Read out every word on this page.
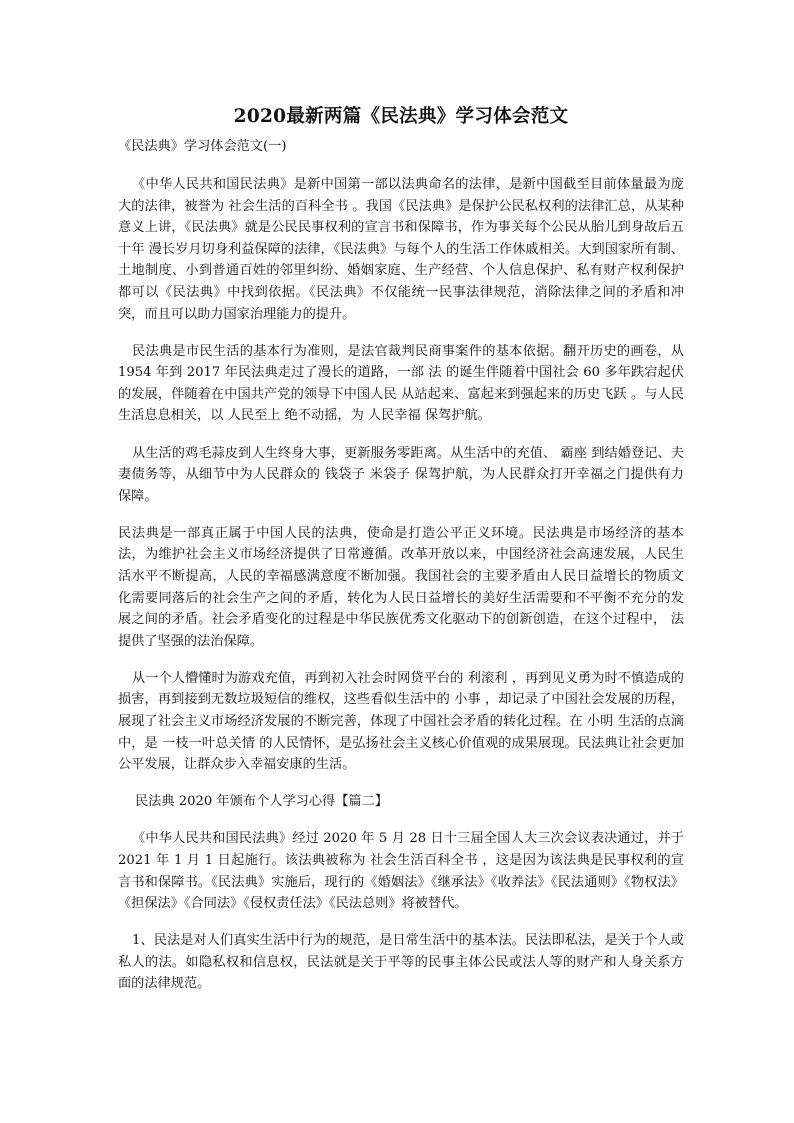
2020最新两篇《民法典》学习体会范文
《民法典》学习体会范文(一)

《中华人民共和国民法典》是新中国第一部以法典命名的法律，是新中国截至目前体量最为庞大的法律，被誉为 社会生活的百科全书 。我国《民法典》是保护公民私权利的法律汇总，从某种意义上讲，《民法典》就是公民民事权利的宣言书和保障书，作为事关每个公民从胎儿到身故后五十年 漫长岁月切身利益保障的法律，《民法典》与每个人的生活工作休戚相关。大到国家所有制、土地制度、小到普通百姓的邻里纠纷、婚姻家庭、生产经营、个人信息保护、私有财产权利保护都可以《民法典》中找到依据。《民法典》不仅能统一民事法律规范，消除法律之间的矛盾和冲突，而且可以助力国家治理能力的提升。

民法典是市民生活的基本行为准则，是法官裁判民商事案件的基本依据。翻开历史的画卷，从 1954 年到 2017 年民法典走过了漫长的道路，一部 法 的诞生伴随着中国社会 60 多年跌宕起伏的发展，伴随着在中国共产党的领导下中国人民 从站起来、富起来到强起来的历史飞跃 。与人民生活息息相关，以 人民至上 绝不动摇，为 人民幸福 保驾护航。

从生活的鸡毛蒜皮到人生终身大事，更新服务零距离。从生活中的充值、 霸座 到结婚登记、夫妻债务等，从细节中为人民群众的 钱袋子 米袋子 保驾护航，为人民群众打开幸福之门提供有力保障。

民法典是一部真正属于中国人民的法典，使命是打造公平正义环境。民法典是市场经济的基本法，为维护社会主义市场经济提供了日常遵循。改革开放以来，中国经济社会高速发展，人民生活水平不断提高，人民的幸福感满意度不断加强。我国社会的主要矛盾由人民日益增长的物质文化需要同落后的社会生产之间的矛盾，转化为人民日益增长的美好生活需要和不平衡不充分的发展之间的矛盾。社会矛盾变化的过程是中华民族优秀文化驱动下的创新创造，在这个过程中， 法 提供了坚强的法治保障。

从一个人懵懂时为游戏充值，再到初入社会时网贷平台的 利滚利 ，再到见义勇为时不慎造成的损害，再到接到无数垃圾短信的维权，这些看似生活中的 小事 ，却记录了中国社会发展的历程，展现了社会主义市场经济发展的不断完善，体现了中国社会矛盾的转化过程。在 小明 生活的点滴中，是 一枝一叶总关情 的人民情怀，是弘扬社会主义核心价值观的成果展现。民法典让社会更加公平发展，让群众步入幸福安康的生活。

民法典 2020 年颁布个人学习心得【篇二】

《中华人民共和国民法典》经过 2020 年 5 月 28 日十三届全国人大三次会议表决通过，并于 2021 年 1 月 1 日起施行。该法典被称为 社会生活百科全书 ，这是因为该法典是民事权利的宣言书和保障书。《民法典》实施后，现行的《婚姻法》《继承法》《收养法》《民法通则》《物权法》《担保法》《合同法》《侵权责任法》《民法总则》将被替代。

1、民法是对人们真实生活中行为的规范，是日常生活中的基本法。民法即私法，是关于个人或私人的法。如隐私权和信息权，民法就是关于平等的民事主体公民或法人等的财产和人身关系方面的法律规范。
